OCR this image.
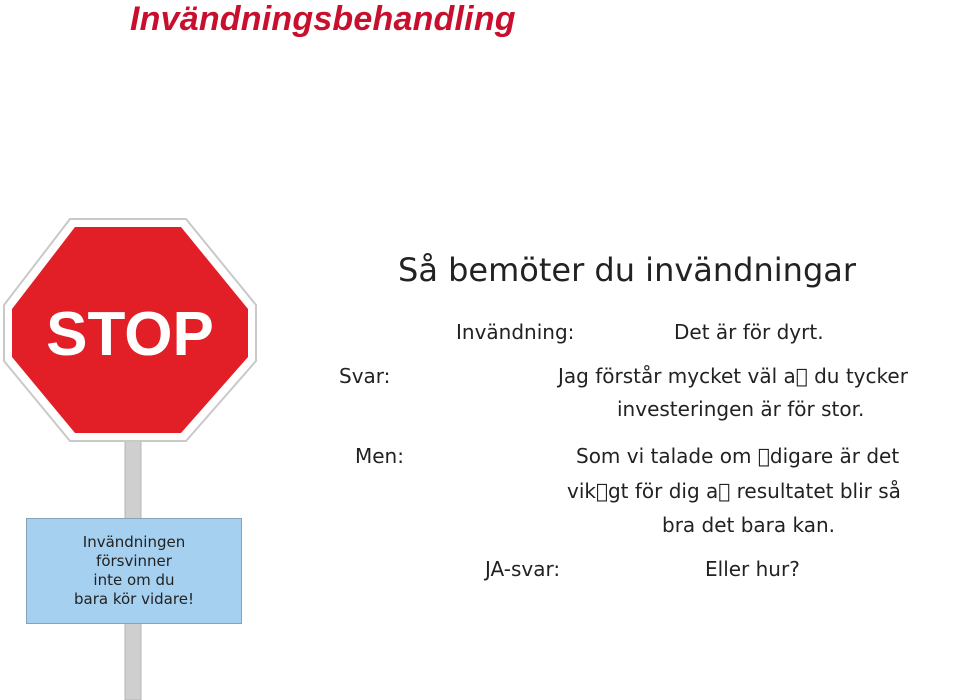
Invändningsbehandling
STOP
Invändningen
försvinner
inte om du
bara kör vidare!
Så bemöter du invändningar
Invändning:	Det är för dyrt.
Svar:	Jag förstår mycket väl a  du tycker
investeringen är för stor.
Men:	Som vi talade om  digare är det
vik gt för dig a  resultatet blir så
bra det bara kan.
JA-svar:	Eller hur?
